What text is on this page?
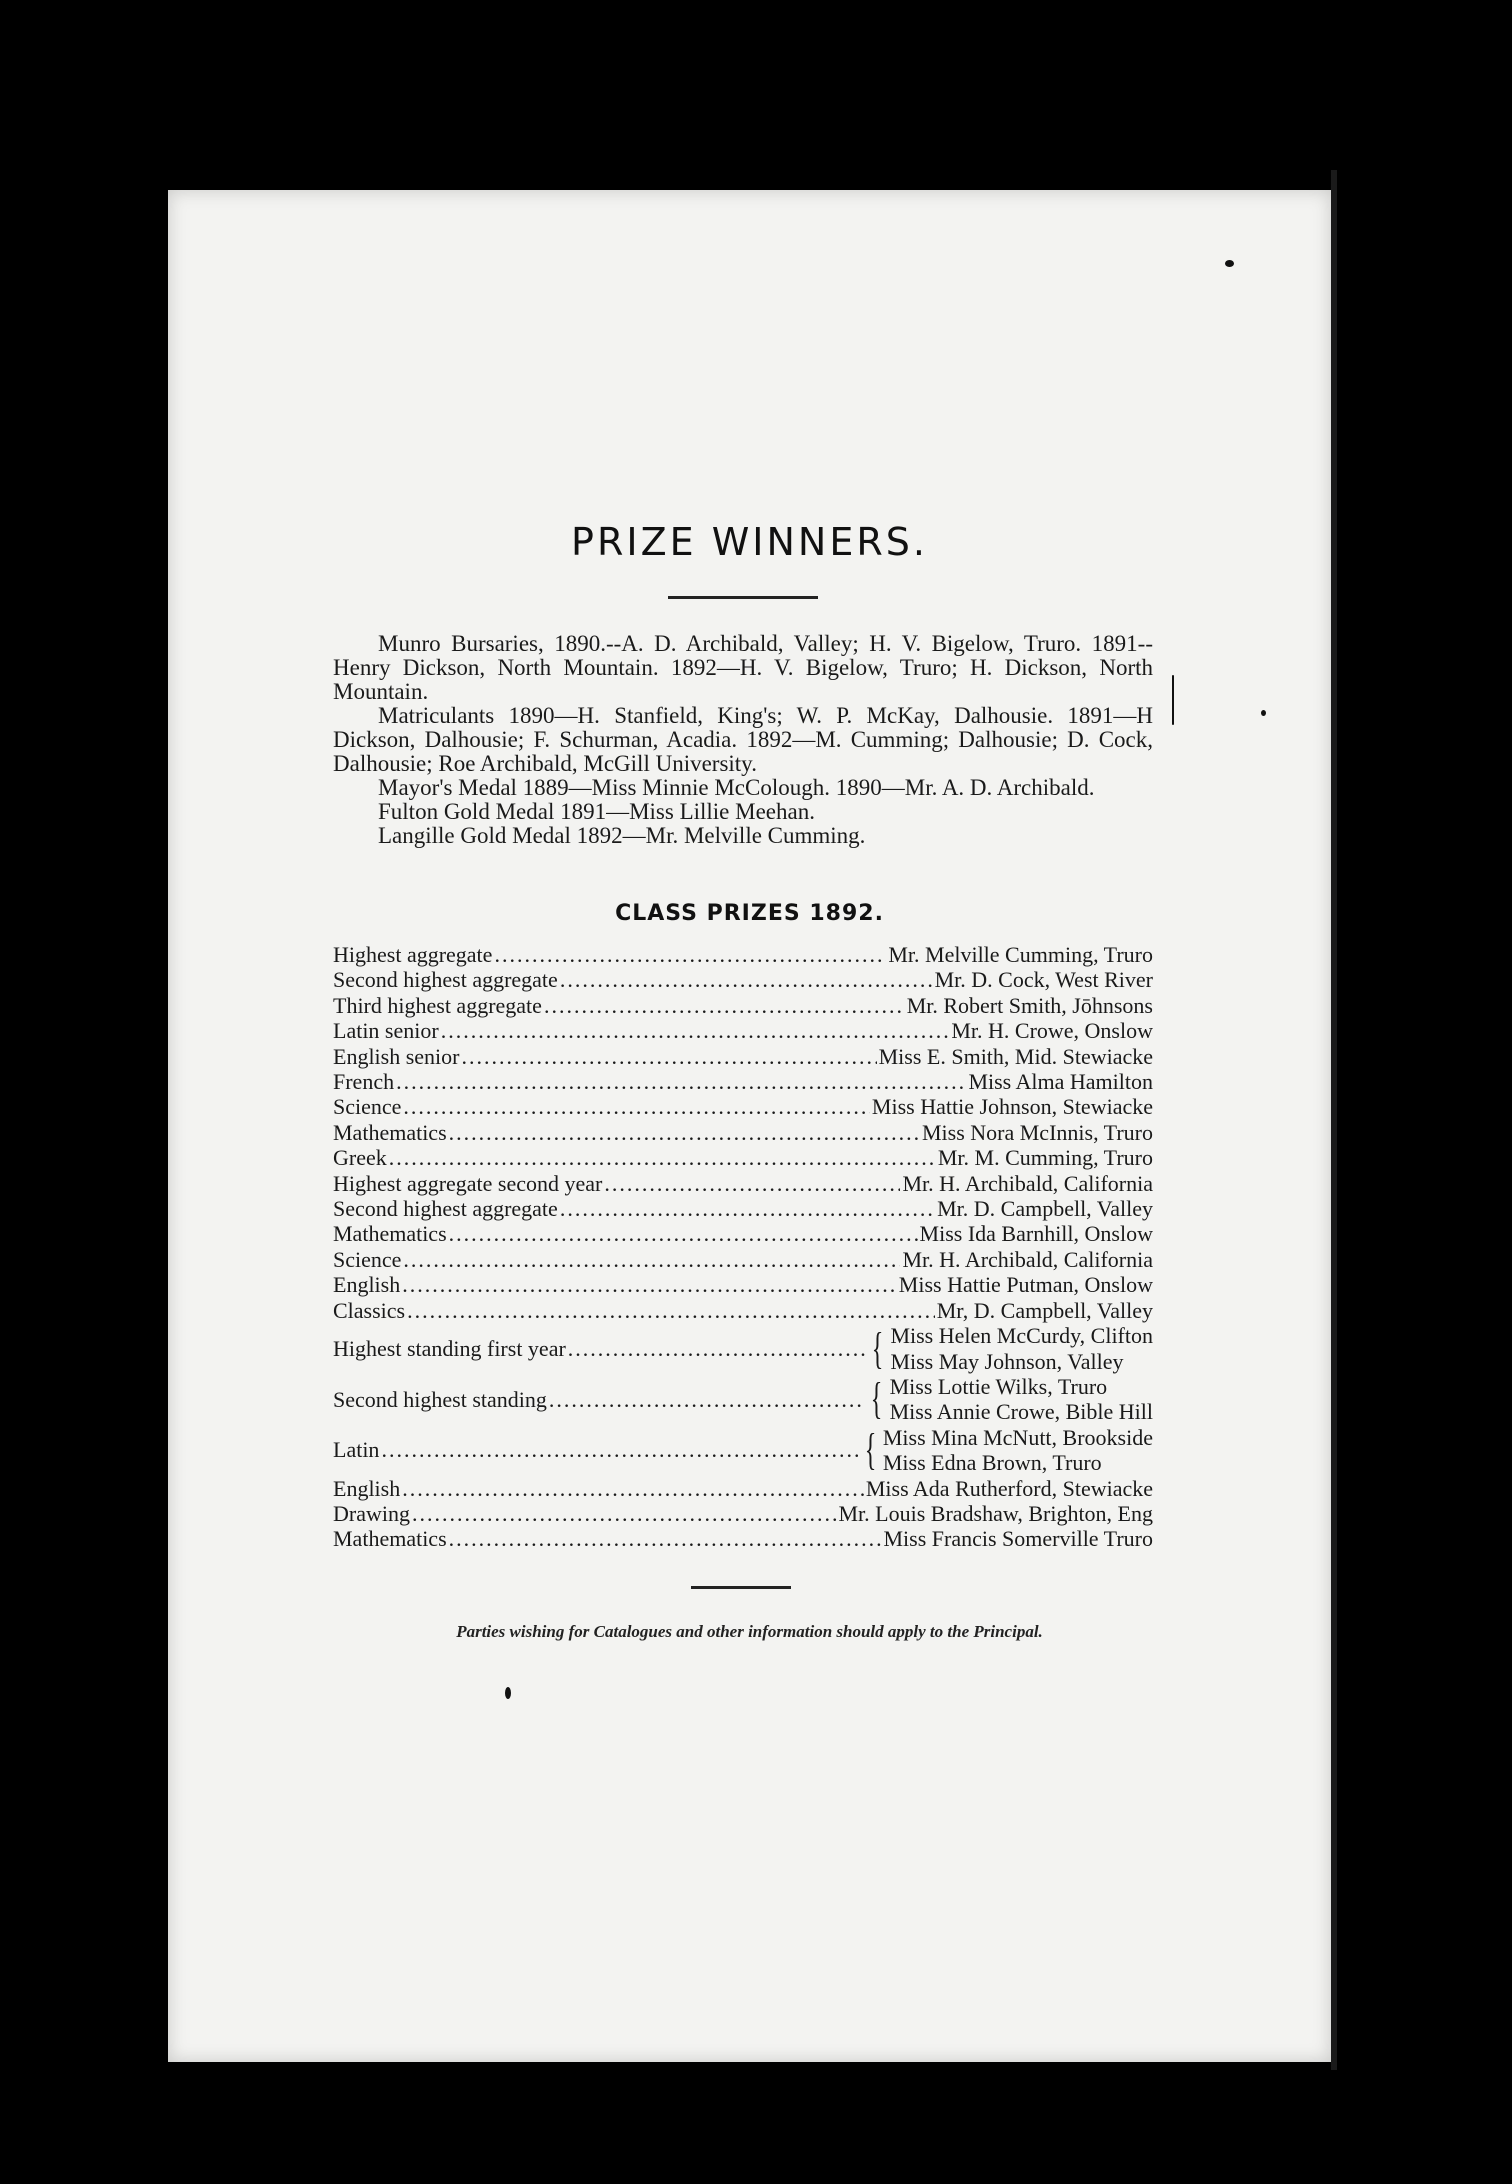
PRIZE WINNERS.

Munro Bursaries, 1890.--A. D. Archibald, Valley; H. V. Bigelow, Truro. 1891--Henry Dickson, North Mountain. 1892—H. V. Bigelow, Truro; H. Dickson, North Mountain.

Matriculants 1890—H. Stanfield, King's; W. P. McKay, Dalhousie. 1891—H Dickson, Dalhousie; F. Schurman, Acadia. 1892—M. Cumming; Dalhousie; D. Cock, Dalhousie; Roe Archibald, McGill University.

Mayor's Medal 1889—Miss Minnie McColough. 1890—Mr. A. D. Archibald.

Fulton Gold Medal 1891—Miss Lillie Meehan.

Langille Gold Medal 1892—Mr. Melville Cumming.

CLASS PRIZES 1892.
Highest aggregate .....	Mr. Melville Cumming, Truro
Second highest aggregate .....	Mr. D. Cock, West River
Third highest aggregate .....	Mr. Robert Smith, Jōhnsons
Latin senior .....	Mr. H. Crowe, Onslow
English senior .....	Miss E. Smith, Mid. Stewiacke
French .....	Miss Alma Hamilton
Science .....	Miss Hattie Johnson, Stewiacke
Mathematics .....	Miss Nora McInnis, Truro
Greek .....	Mr. M. Cumming, Truro
Highest aggregate second year .....	Mr. H. Archibald, California
Second highest aggregate .....	Mr. D. Campbell, Valley
Mathematics .....	Miss Ida Barnhill, Onslow
Science .....	Mr. H. Archibald, California
English .....	Miss Hattie Putman, Onslow
Classics .....	Mr, D. Campbell, Valley
Highest standing first year .....	{ Miss Helen McCurdy, Clifton
Miss May Johnson, Valley
Second highest standing .....	{ Miss Lottie Wilks, Truro
Miss Annie Crowe, Bible Hill
Latin .....	{ Miss Mina McNutt, Brookside
Miss Edna Brown, Truro
English .....	Miss Ada Rutherford, Stewiacke
Drawing .....	Mr. Louis Bradshaw, Brighton, Eng
Mathematics .....	Miss Francis Somerville Truro
Parties wishing for Catalogues and other information should apply to the Principal.
